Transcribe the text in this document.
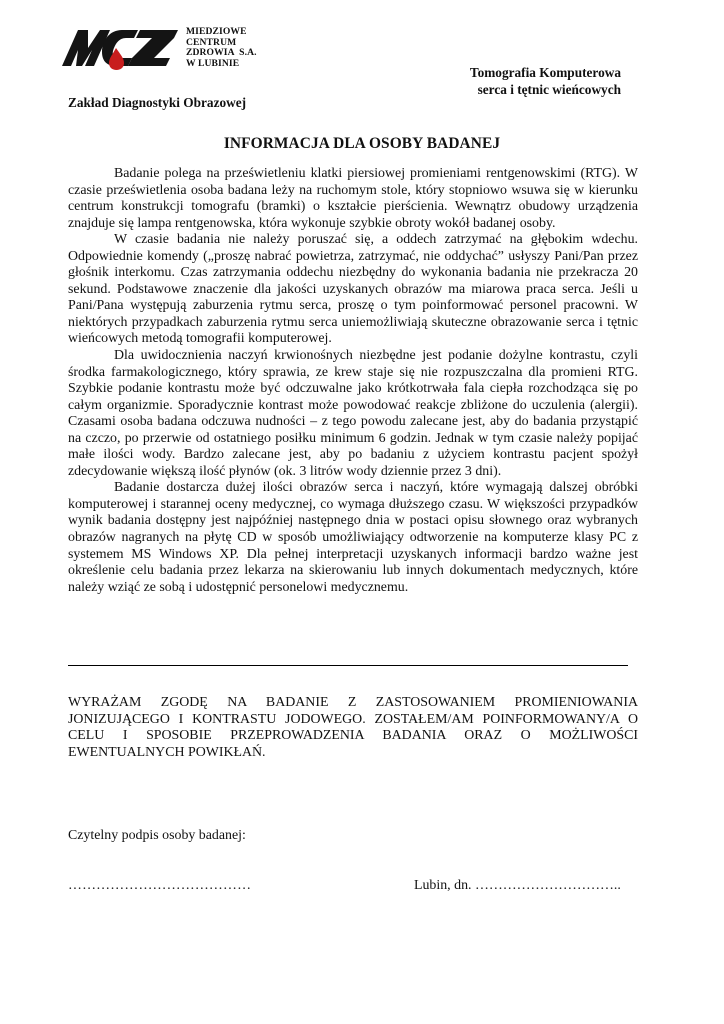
MIEDZIOWE
CENTRUM
ZDROWIA  S.A.
W LUBINIE
Tomografia Komputerowa
serca i tętnic wieńcowych
Zakład Diagnostyki Obrazowej
INFORMACJA DLA OSOBY BADANEJ

Badanie polega na prześwietleniu klatki piersiowej promieniami rentgenowskimi (RTG). W czasie prześwietlenia osoba badana leży na ruchomym stole, który stopniowo wsuwa się w kierunku centrum konstrukcji tomografu (bramki) o kształcie pierścienia. Wewnątrz obudowy urządzenia znajduje się lampa rentgenowska, która wykonuje szybkie obroty wokół badanej osoby.

W czasie badania nie należy poruszać się, a oddech zatrzymać na głębokim wdechu. Odpowiednie komendy („proszę nabrać powietrza, zatrzymać, nie oddychać” usłyszy Pani/Pan przez głośnik interkomu. Czas zatrzymania oddechu niezbędny do wykonania badania nie przekracza 20 sekund. Podstawowe znaczenie dla jakości uzyskanych obrazów ma miarowa praca serca. Jeśli u Pani/Pana występują zaburzenia rytmu serca, proszę o tym poinformować personel pracowni. W niektórych przypadkach zaburzenia rytmu serca uniemożliwiają skuteczne obrazowanie serca i tętnic wieńcowych metodą tomografii komputerowej.

Dla uwidocznienia naczyń krwionośnych niezbędne jest podanie dożylne kontrastu, czyli środka farmakologicznego, który sprawia, ze krew staje się nie rozpuszczalna dla promieni RTG. Szybkie podanie kontrastu może być odczuwalne jako krótkotrwała fala ciepła rozchodząca się po całym organizmie. Sporadycznie kontrast może powodować reakcje zbliżone do uczulenia (alergii). Czasami osoba badana odczuwa nudności – z tego powodu zalecane jest, aby do badania przystąpić na czczo, po przerwie od ostatniego posiłku minimum 6 godzin. Jednak w tym czasie należy popijać małe ilości wody. Bardzo zalecane jest, aby po badaniu z użyciem kontrastu pacjent spożył zdecydowanie większą ilość płynów (ok. 3 litrów wody dziennie przez 3 dni).

Badanie dostarcza dużej ilości obrazów serca i naczyń, które wymagają dalszej obróbki komputerowej i starannej oceny medycznej, co wymaga dłuższego czasu. W większości przypadków wynik badania dostępny jest najpóźniej następnego dnia w postaci opisu słownego oraz wybranych obrazów nagranych na płytę CD w sposób umożliwiający odtworzenie na komputerze klasy PC z systemem MS Windows XP. Dla pełnej interpretacji uzyskanych informacji bardzo ważne jest określenie celu badania przez lekarza na skierowaniu lub innych dokumentach medycznych, które należy wziąć ze sobą i udostępnić personelowi medycznemu.

WYRAŻAM ZGODĘ NA BADANIE Z ZASTOSOWANIEM PROMIENIOWANIA JONIZUJĄCEGO I KONTRASTU JODOWEGO. ZOSTAŁEM/AM POINFORMOWANY/A O CELU I SPOSOBIE PRZEPROWADZENIA BADANIA ORAZ O MOŻLIWOŚCI EWENTUALNYCH POWIKŁAŃ.
Czytelny podpis osoby badanej:
…………………………………	Lubin, dn. …………………………..
